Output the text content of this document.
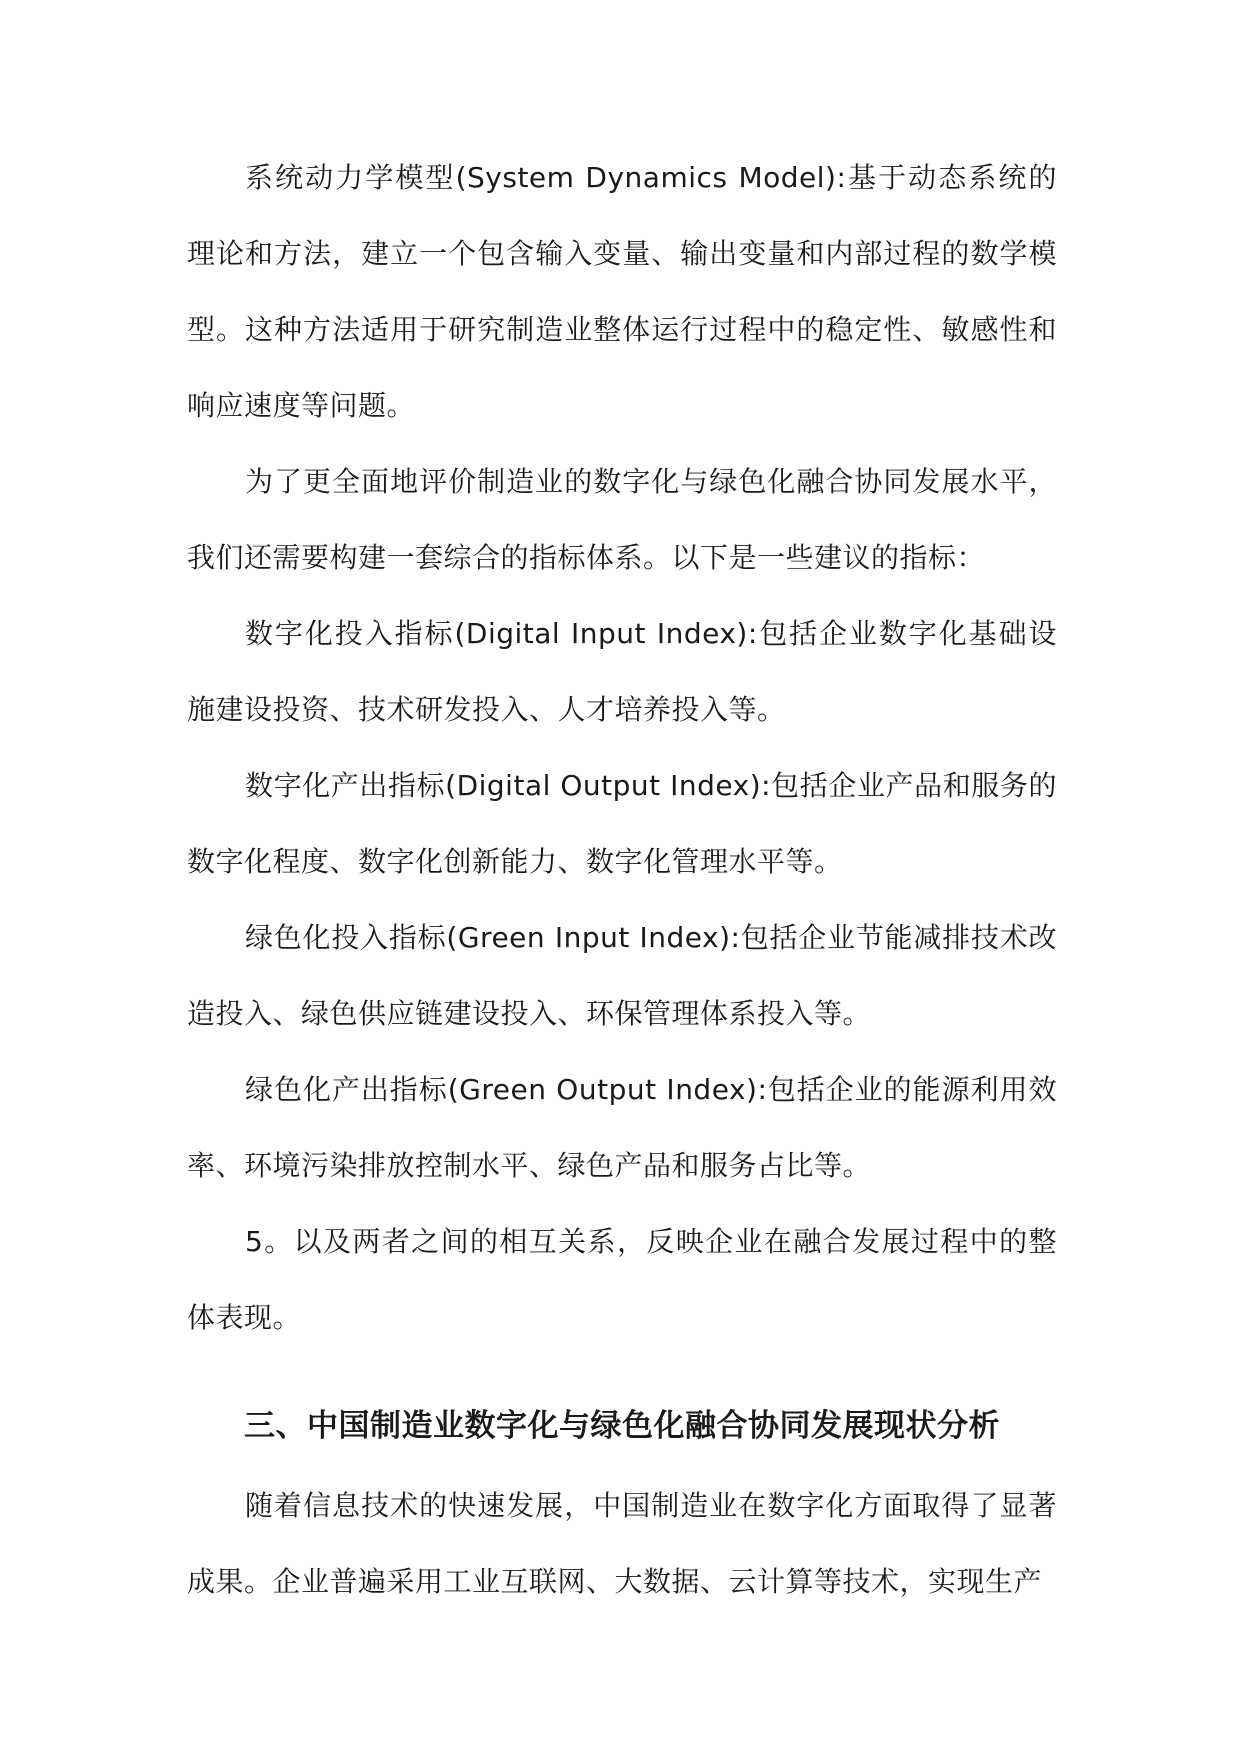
系统动力学模型(System Dynamics Model):基于动态系统的理论和方法，建立一个包含输入变量、输出变量和内部过程的数学模型。这种方法适用于研究制造业整体运行过程中的稳定性、敏感性和响应速度等问题。

为了更全面地评价制造业的数字化与绿色化融合协同发展水平，我们还需要构建一套综合的指标体系。以下是一些建议的指标：

数字化投入指标(Digital Input Index):包括企业数字化基础设施建设投资、技术研发投入、人才培养投入等。

数字化产出指标(Digital Output Index):包括企业产品和服务的数字化程度、数字化创新能力、数字化管理水平等。

绿色化投入指标(Green Input Index):包括企业节能减排技术改造投入、绿色供应链建设投入、环保管理体系投入等。

绿色化产出指标(Green Output Index):包括企业的能源利用效率、环境污染排放控制水平、绿色产品和服务占比等。

5。以及两者之间的相互关系，反映企业在融合发展过程中的整体表现。

三、中国制造业数字化与绿色化融合协同发展现状分析

随着信息技术的快速发展，中国制造业在数字化方面取得了显著成果。企业普遍采用工业互联网、大数据、云计算等技术，实现生产
